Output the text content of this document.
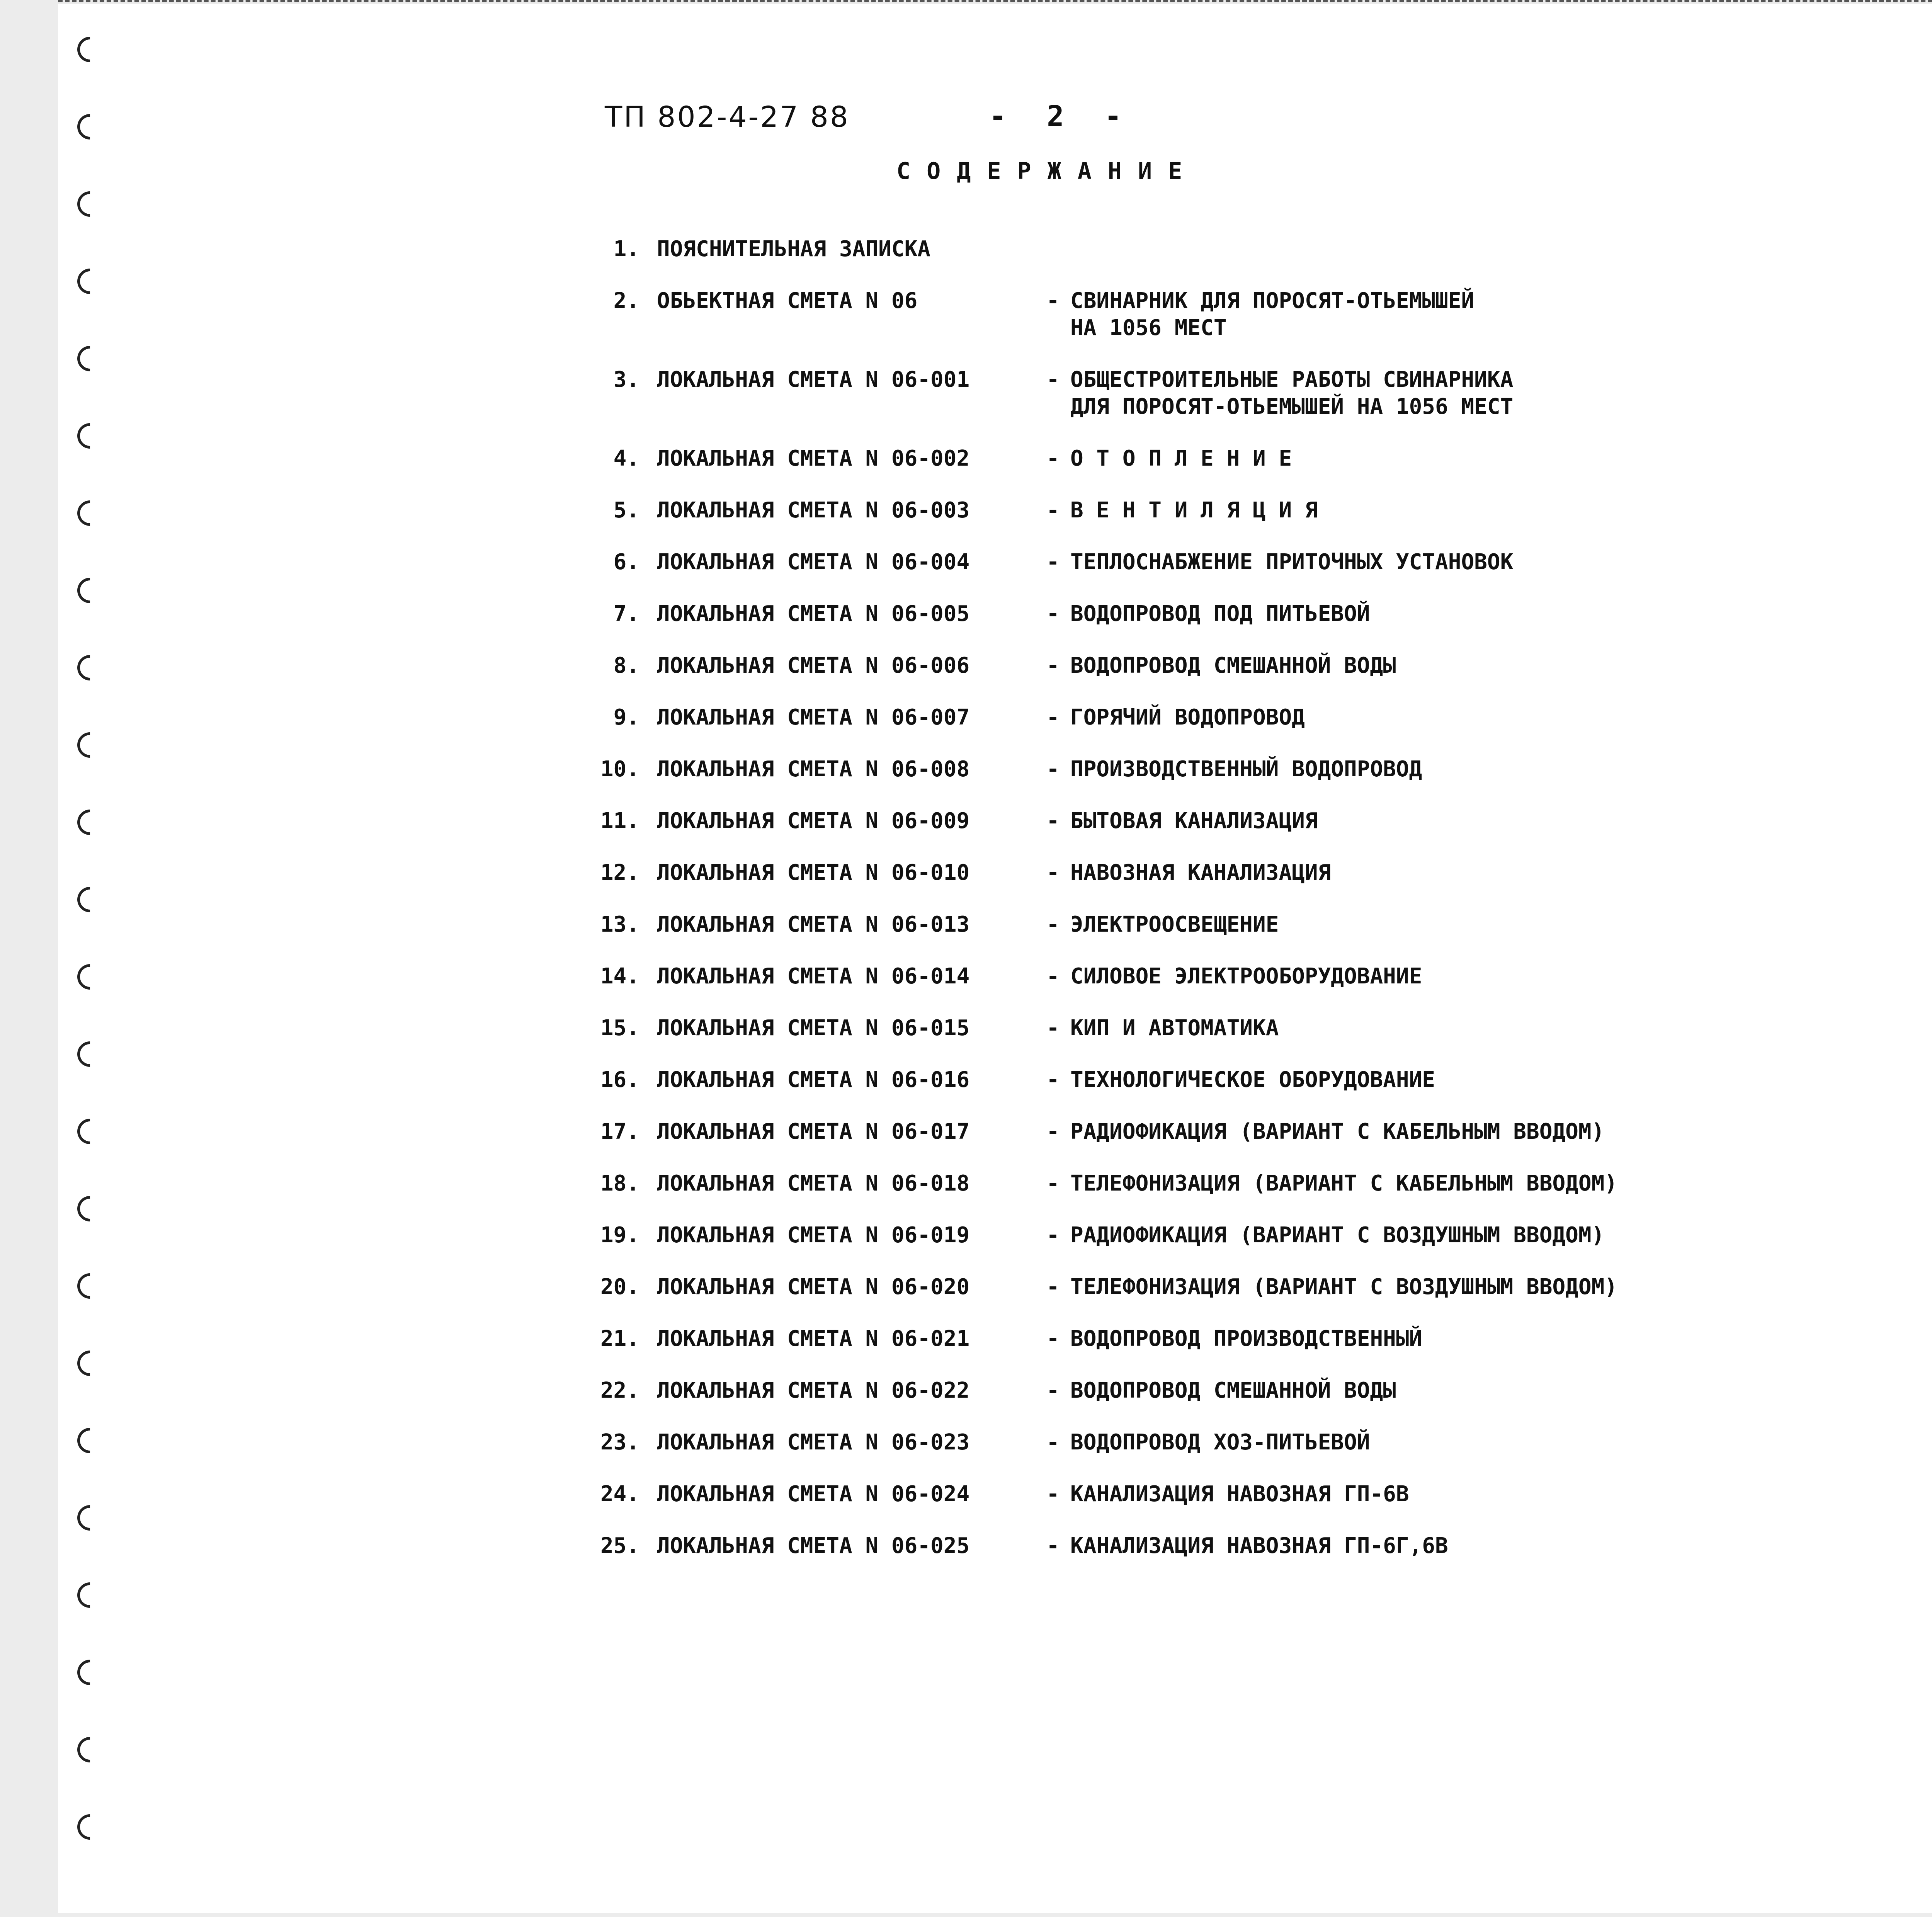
ТП 802-4-27 88	- 2 -
СОДЕРЖАНИЕ
1. ПОЯСНИТЕЛЬНАЯ ЗАПИСКА
2. ОБЬЕКТНАЯ СМЕТА N 06	- СВИНАРНИК ДЛЯ ПОРОСЯТ-ОТЬЕМЫШЕЙ
НА 1056 МЕСТ
3. ЛОКАЛЬНАЯ СМЕТА N 06-001	- ОБЩЕСТРОИТЕЛЬНЫЕ РАБОТЫ СВИНАРНИКА
ДЛЯ ПОРОСЯТ-ОТЬЕМЫШЕЙ НА 1056 МЕСТ
4. ЛОКАЛЬНАЯ СМЕТА N 06-002	- О Т О П Л Е Н И Е
5. ЛОКАЛЬНАЯ СМЕТА N 06-003	- В Е Н Т И Л Я Ц И Я
6. ЛОКАЛЬНАЯ СМЕТА N 06-004	- ТЕПЛОСНАБЖЕНИЕ ПРИТОЧНЫХ УСТАНОВОК
7. ЛОКАЛЬНАЯ СМЕТА N 06-005	- ВОДОПРОВОД ПОД ПИТЬЕВОЙ
8. ЛОКАЛЬНАЯ СМЕТА N 06-006	- ВОДОПРОВОД СМЕШАННОЙ ВОДЫ
9. ЛОКАЛЬНАЯ СМЕТА N 06-007	- ГОРЯЧИЙ ВОДОПРОВОД
10. ЛОКАЛЬНАЯ СМЕТА N 06-008	- ПРОИЗВОДСТВЕННЫЙ ВОДОПРОВОД
11. ЛОКАЛЬНАЯ СМЕТА N 06-009	- БЫТОВАЯ КАНАЛИЗАЦИЯ
12. ЛОКАЛЬНАЯ СМЕТА N 06-010	- НАВОЗНАЯ КАНАЛИЗАЦИЯ
13. ЛОКАЛЬНАЯ СМЕТА N 06-013	- ЭЛЕКТРООСВЕЩЕНИЕ
14. ЛОКАЛЬНАЯ СМЕТА N 06-014	- СИЛОВОЕ ЭЛЕКТРООБОРУДОВАНИЕ
15. ЛОКАЛЬНАЯ СМЕТА N 06-015	- КИП И АВТОМАТИКА
16. ЛОКАЛЬНАЯ СМЕТА N 06-016	- ТЕХНОЛОГИЧЕСКОЕ ОБОРУДОВАНИЕ
17. ЛОКАЛЬНАЯ СМЕТА N 06-017	- РАДИОФИКАЦИЯ (ВАРИАНТ С КАБЕЛЬНЫМ ВВОДОМ)
18. ЛОКАЛЬНАЯ СМЕТА N 06-018	- ТЕЛЕФОНИЗАЦИЯ (ВАРИАНТ С КАБЕЛЬНЫМ ВВОДОМ)
19. ЛОКАЛЬНАЯ СМЕТА N 06-019	- РАДИОФИКАЦИЯ (ВАРИАНТ С ВОЗДУШНЫМ ВВОДОМ)
20. ЛОКАЛЬНАЯ СМЕТА N 06-020	- ТЕЛЕФОНИЗАЦИЯ (ВАРИАНТ С ВОЗДУШНЫМ ВВОДОМ)
21. ЛОКАЛЬНАЯ СМЕТА N 06-021	- ВОДОПРОВОД ПРОИЗВОДСТВЕННЫЙ
22. ЛОКАЛЬНАЯ СМЕТА N 06-022	- ВОДОПРОВОД СМЕШАННОЙ ВОДЫ
23. ЛОКАЛЬНАЯ СМЕТА N 06-023	- ВОДОПРОВОД ХОЗ-ПИТЬЕВОЙ
24. ЛОКАЛЬНАЯ СМЕТА N 06-024	- КАНАЛИЗАЦИЯ НАВОЗНАЯ ГП-6В
25. ЛОКАЛЬНАЯ СМЕТА N 06-025	- КАНАЛИЗАЦИЯ НАВОЗНАЯ ГП-6Г,6В
